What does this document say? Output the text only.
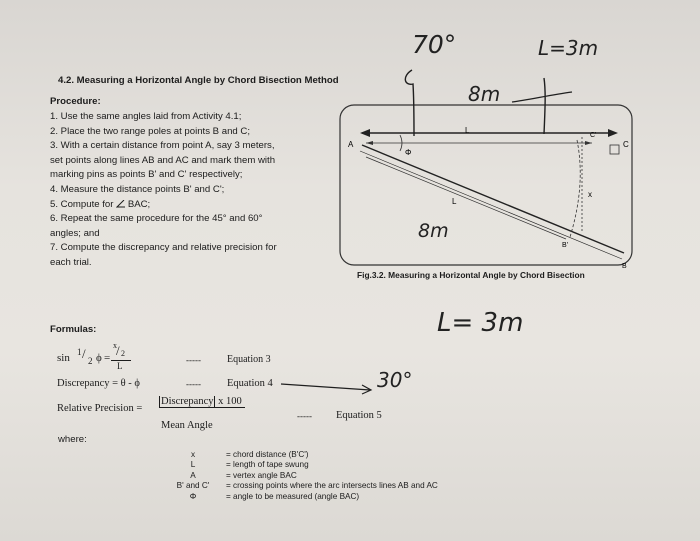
4.2. Measuring a Horizontal Angle by Chord Bisection Method
Procedure:
1. Use the same angles laid from Activity 4.1;
2. Place the two range poles at points B and C;
3. With a certain distance from point A, say 3 meters,
set points along lines AB and AC and mark them with
marking pins as points B' and C' respectively;
4. Measure the distance points B' and C';
5. Compute for BAC;
6. Repeat the same procedure for the 45° and 60°
angles; and
7. Compute the discrepancy and relative precision for
each trial.
A	C
B
C'
B'
L
L
x
Φ
Fig.3.2. Measuring a Horizontal Angle by Chord Bisection
70°	L=3m
8m
8m
L= 3m
30°
Formulas:
sin 1 / 2 ϕ =
x / 2
L
-----	Equation 3
Discrepancy = θ - ϕ	----- Equation 4
Relative Precision =
Discrepancy x 100
Mean Angle
----- Equation 5
where:
x	= chord distance (B'C')
L	= length of tape swung
A	= vertex angle BAC
B' and C'	= crossing points where the arc intersects lines AB and AC
Φ	= angle to be measured (angle BAC)
